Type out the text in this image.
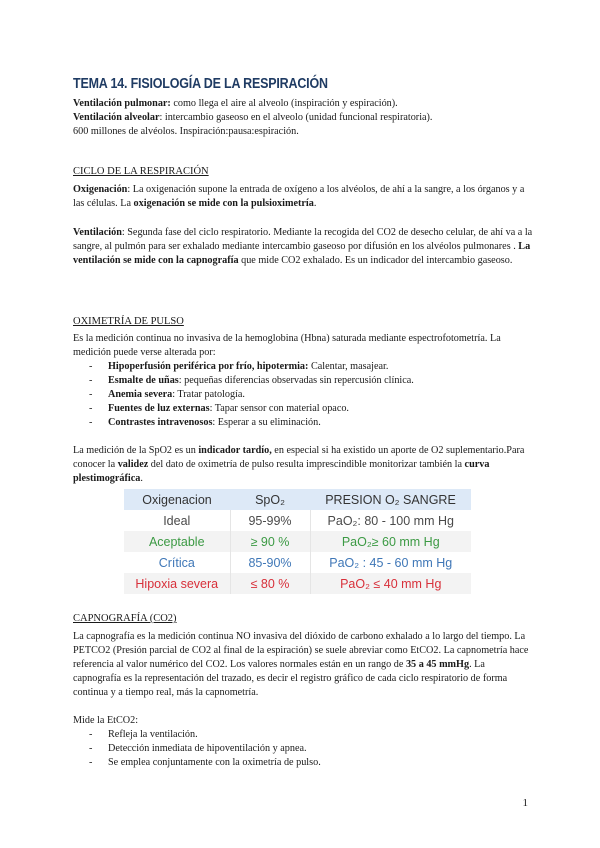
TEMA 14. FISIOLOGÍA DE LA RESPIRACIÓN

Ventilación pulmonar: como llega el aire al alveolo (inspiración y espiración).

Ventilación alveolar: intercambio gaseoso en el alveolo (unidad funcional respiratoria).

600 millones de alvéolos. Inspiración:pausa:espiración.

CICLO DE LA RESPIRACIÓN

Oxigenación: La oxigenación supone la entrada de oxígeno a los alvéolos, de ahí a la sangre, a los órganos y a las células. La oxigenación se mide con la pulsioximetría.

Ventilación: Segunda fase del ciclo respiratorio. Mediante la recogida del CO2 de desecho celular, de ahí va a la sangre, al pulmón para ser exhalado mediante intercambio gaseoso por difusión en los alvéolos pulmonares . La ventilación se mide con la capnografía que mide CO2 exhalado. Es un indicador del intercambio gaseoso.

OXIMETRÍA DE PULSO

Es la medición continua no invasiva de la hemoglobina (Hbna) saturada mediante espectrofotometría. La medición puede verse alterada por:

- Hipoperfusión periférica por frío, hipotermia: Calentar, masajear.
- Esmalte de uñas: pequeñas diferencias observadas sin repercusión clínica.
- Anemia severa: Tratar patología.
- Fuentes de luz externas: Tapar sensor con material opaco.
- Contrastes intravenosos: Esperar a su eliminación.

La medición de la SpO2 es un indicador tardío, en especial si ha existido un aporte de O2 suplementario.Para conocer la validez del dato de oximetría de pulso resulta imprescindible monitorizar también la curva plestimográfica.

Oxigenacion	SpO₂	PRESION O₂ SANGRE
Ideal	95-99%	PaO₂: 80 - 100 mm Hg
Aceptable	≥ 90 %	PaO₂≥ 60 mm Hg
Crítica	85-90%	PaO₂ : 45 - 60 mm Hg
Hipoxia severa	≤ 80 %	PaO₂ ≤ 40 mm Hg
CAPNOGRAFÍA (CO2)

La capnografía es la medición continua NO invasiva del dióxido de carbono exhalado a lo largo del tiempo. La PETCO2 (Presión parcial de CO2 al final de la espiración) se suele abreviar como EtCO2. La capnometría hace referencia al valor numérico del CO2. Los valores normales están en un rango de 35 a 45 mmHg. La capnografía es la representación del trazado, es decir el registro gráfico de cada ciclo respiratorio de forma continua y a tiempo real, más la capnometría.

Mide la EtCO2:

- Refleja la ventilación.
- Detección inmediata de hipoventilación y apnea.
- Se emplea conjuntamente con la oximetría de pulso.
1
